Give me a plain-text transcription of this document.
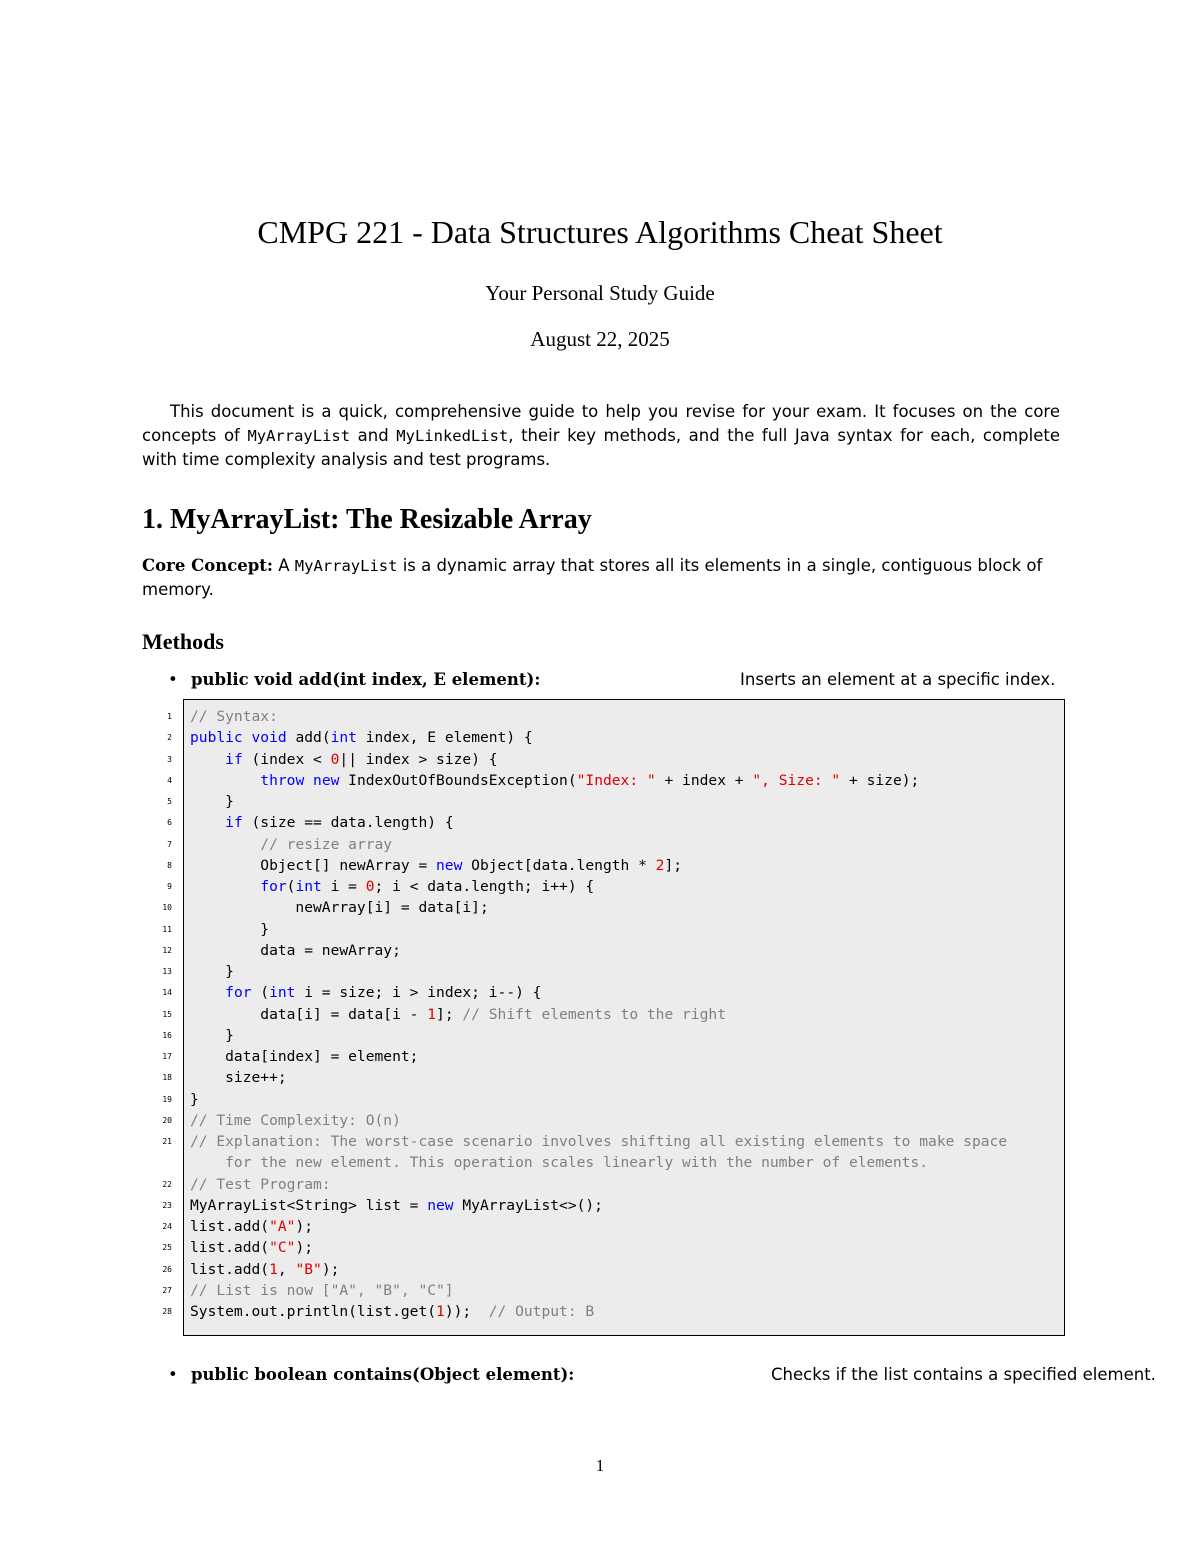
CMPG 221 - Data Structures Algorithms Cheat Sheet
Your Personal Study Guide
August 22, 2025

This document is a quick, comprehensive guide to help you revise for your exam. It focuses on the core concepts of MyArrayList and MyLinkedList, their key methods, and the full Java syntax for each, complete with time complexity analysis and test programs.

1. MyArrayList: The Resizable Array

Core Concept: A MyArrayList is a dynamic array that stores all its elements in a single, contiguous block of memory.

Methods
• public void add(int index, E element):	Inserts an element at a specific index.
1
2
3
4
5
6
7
8
9
10
11
12
13
14
15
16
17
18
19
20
21
22
23
24
25
26
27
28
// Syntax:
public void add(int index, E element) {
if (index < 0|| index > size) {
throw new IndexOutOfBoundsException("Index: " + index + ", Size: " + size);
}
if (size == data.length) {
// resize array
Object[] newArray = new Object[data.length * 2];
for(int i = 0; i < data.length; i++) {
newArray[i] = data[i];
}
data = newArray;
}
for (int i = size; i > index; i--) {
data[i] = data[i - 1]; // Shift elements to the right
}
data[index] = element;
size++;
}
// Time Complexity: O(n)
// Explanation: The worst-case scenario involves shifting all existing elements to make space
for the new element. This operation scales linearly with the number of elements.
// Test Program:
MyArrayList<String> list = new MyArrayList<>();
list.add("A");
list.add("C");
list.add(1, "B");
// List is now ["A", "B", "C"]
System.out.println(list.get(1));  // Output: B
• public boolean contains(Object element):	Checks if the list contains a specified element.
1
